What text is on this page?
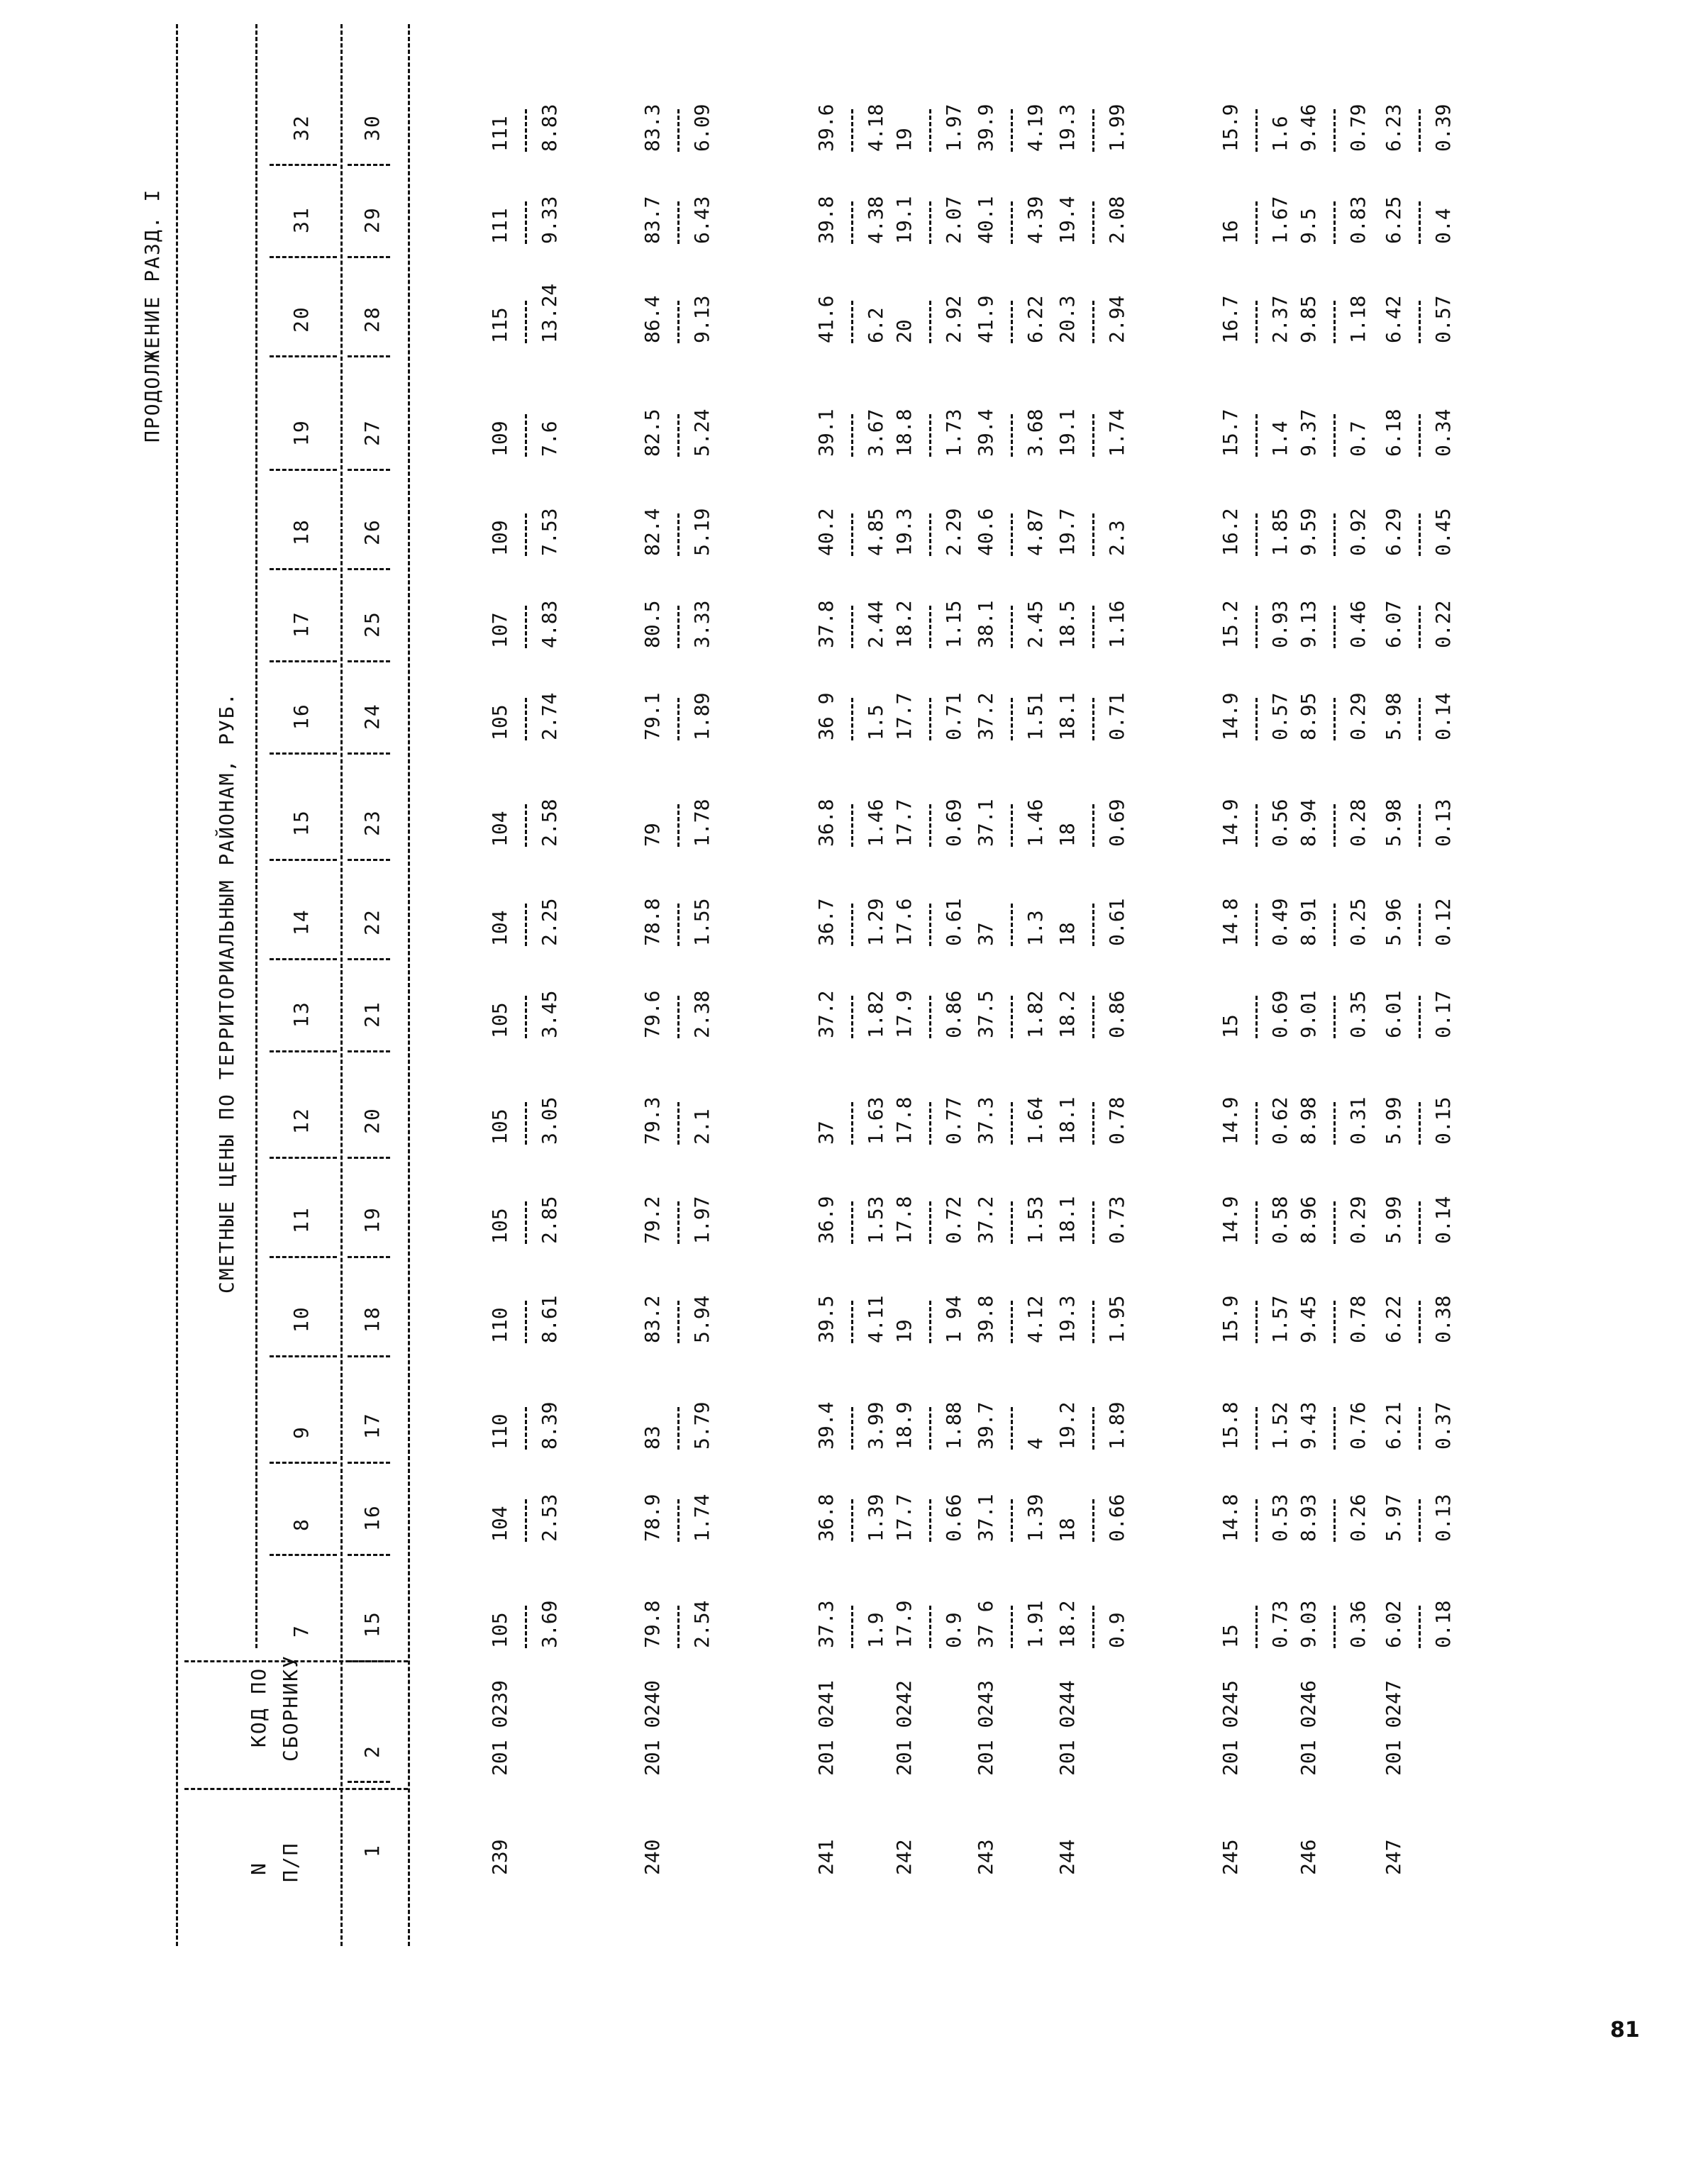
ПРОДОЛЖЕНИЕ РАЗД. I
N П/П
КОД ПО СБОРНИКУ
СМЕТНЫЕ ЦЕНЫ ПО ТЕРРИТОРИАЛЬНЫМ РАЙОНАМ, РУБ.
7
8
9
10
11
12
13
14
15
16
17
18
19
20
31
32
1
2
15
16
17
18
19
20
21
22
23
24
25
26
27
28
29
30
239
201 0239
105 3.69
104 2.53
110 8.39
110 8.61
105 2.85
105 3.05
105 3.45
104 2.25
104 2.58
105 2.74
107 4.83
109 7.53
109 7.6
115 13.24
111 9.33
111 8.83
240
201 0240
79.8 2.54
78.9 1.74
83 5.79
83.2 5.94
79.2 1.97
79.3 2.1
79.6 2.38
78.8 1.55
79 1.78
79.1 1.89
80.5 3.33
82.4 5.19
82.5 5.24
86.4 9.13
83.7 6.43
83.3 6.09
241
201 0241
37.3 1.9
36.8 1.39
39.4 3.99
39.5 4.11
36.9 1.53
37 1.63
37.2 1.82
36.7 1.29
36.8 1.46
36 9 1.5
37.8 2.44
40.2 4.85
39.1 3.67
41.6 6.2
39.8 4.38
39.6 4.18
242
201 0242
17.9 0.9
17.7 0.66
18.9 1.88
19 1 94
17.8 0.72
17.8 0.77
17.9 0.86
17.6 0.61
17.7 0.69
17.7 0.71
18.2 1.15
19.3 2.29
18.8 1.73
20 2.92
19.1 2.07
19 1.97
243
201 0243
37 6 1.91
37.1 1.39
39.7 4
39.8 4.12
37.2 1.53
37.3 1.64
37.5 1.82
37 1.3
37.1 1.46
37.2 1.51
38.1 2.45
40.6 4.87
39.4 3.68
41.9 6.22
40.1 4.39
39.9 4.19
244
201 0244
18.2 0.9
18 0.66
19.2 1.89
19.3 1.95
18.1 0.73
18.1 0.78
18.2 0.86
18 0.61
18 0.69
18.1 0.71
18.5 1.16
19.7 2.3
19.1 1.74
20.3 2.94
19.4 2.08
19.3 1.99
245
201 0245
15 0.73
14.8 0.53
15.8 1.52
15.9 1.57
14.9 0.58
14.9 0.62
15 0.69
14.8 0.49
14.9 0.56
14.9 0.57
15.2 0.93
16.2 1.85
15.7 1.4
16.7 2.37
16 1.67
15.9 1.6
246
201 0246
9.03 0.36
8.93 0.26
9.43 0.76
9.45 0.78
8.96 0.29
8.98 0.31
9.01 0.35
8.91 0.25
8.94 0.28
8.95 0.29
9.13 0.46
9.59 0.92
9.37 0.7
9.85 1.18
9.5 0.83
9.46 0.79
247
201 0247
6.02 0.18
5.97 0.13
6.21 0.37
6.22 0.38
5.99 0.14
5.99 0.15
6.01 0.17
5.96 0.12
5.98 0.13
5.98 0.14
6.07 0.22
6.29 0.45
6.18 0.34
6.42 0.57
6.25 0.4
6.23 0.39
81
